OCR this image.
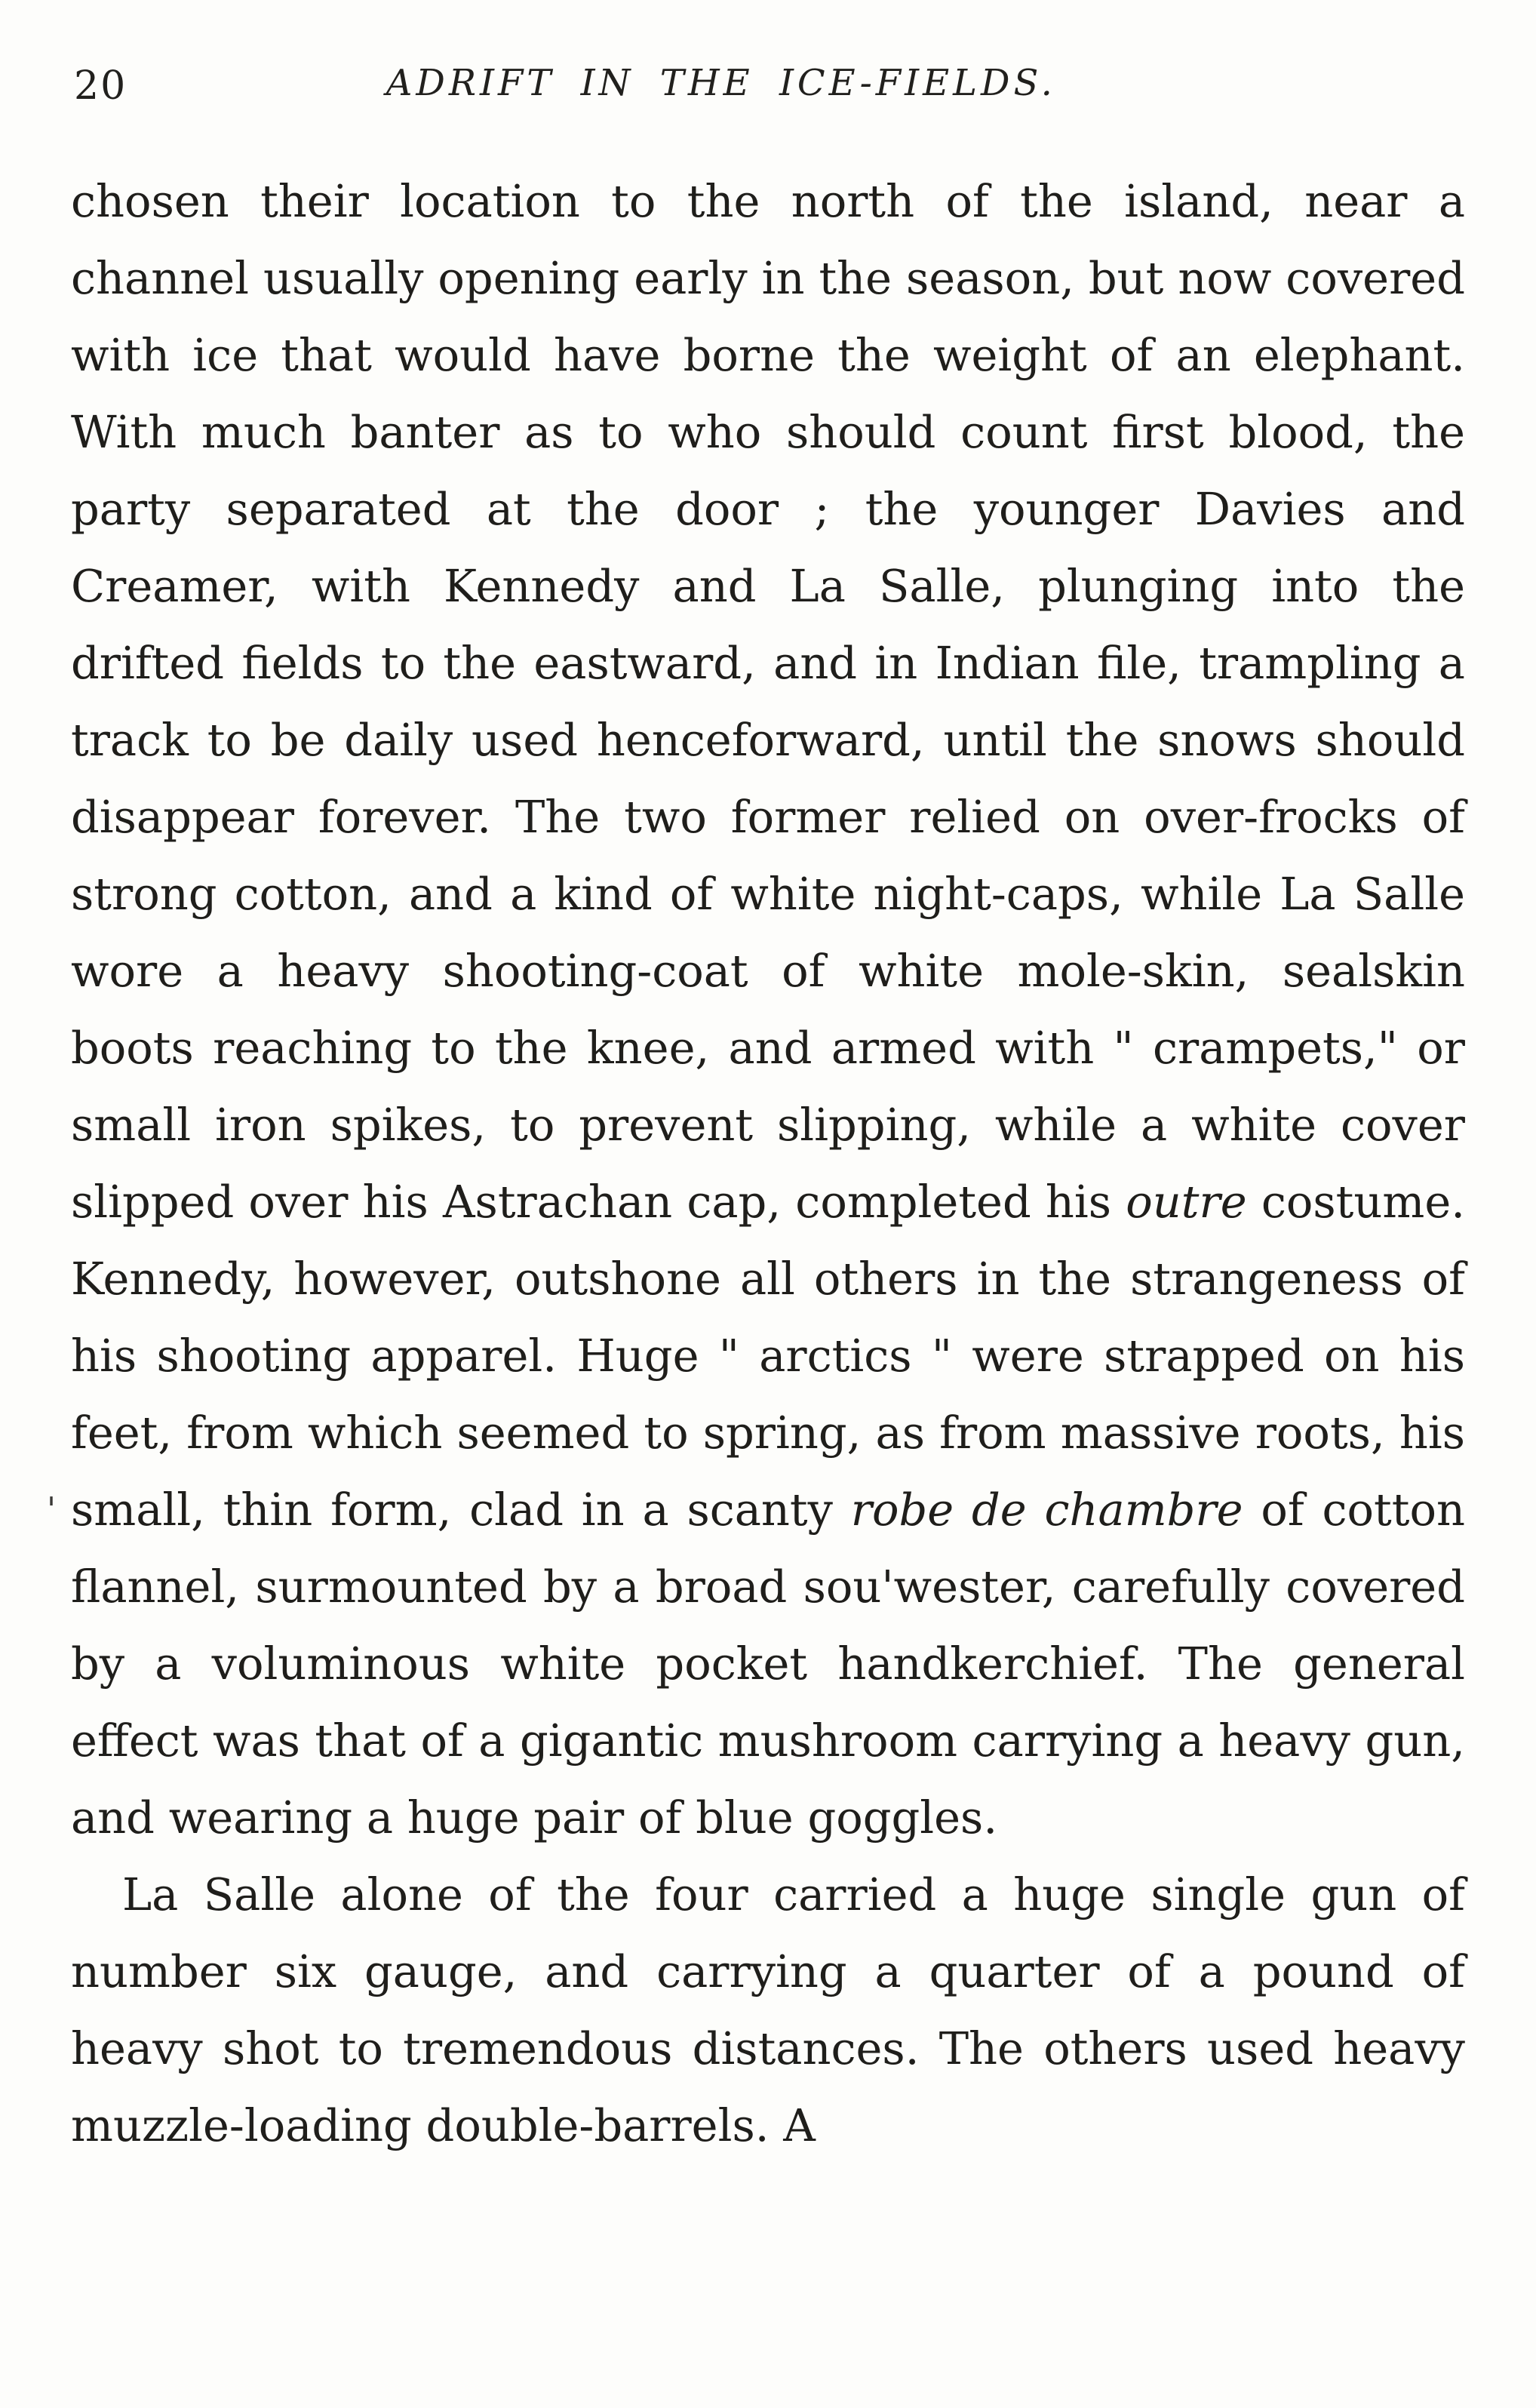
20	ADRIFT IN THE ICE-FIELDS.

chosen their location to the north of the island, near a channel usually opening early in the season, but now covered with ice that would have borne the weight of an elephant. With much banter as to who should count first blood, the party separated at the door ; the younger Davies and Creamer, with Kennedy and La Salle, plunging into the drifted fields to the eastward, and in Indian file, trampling a track to be daily used henceforward, until the snows should disappear forever. The two former relied on over-frocks of strong cotton, and a kind of white night-caps, while La Salle wore a heavy shooting-coat of white mole-skin, sealskin boots reaching to the knee, and armed with " crampets," or small iron spikes, to prevent slipping, while a white cover slipped over his Astrachan cap, completed his outre costume. Kennedy, however, outshone all others in the strangeness of his shooting apparel. Huge " arctics " were strapped on his feet, from which seemed to spring, as from massive roots, his small, thin form, clad in a scanty robe de chambre of cotton flannel, surmounted by a broad sou'wester, carefully covered by a voluminous white pocket handkerchief. The general effect was that of a gigantic mushroom carrying a heavy gun, and wearing a huge pair of blue goggles.

La Salle alone of the four carried a huge single gun of number six gauge, and carrying a quarter of a pound of heavy shot to tremendous distances. The others used heavy muzzle-loading double-barrels. A

'
